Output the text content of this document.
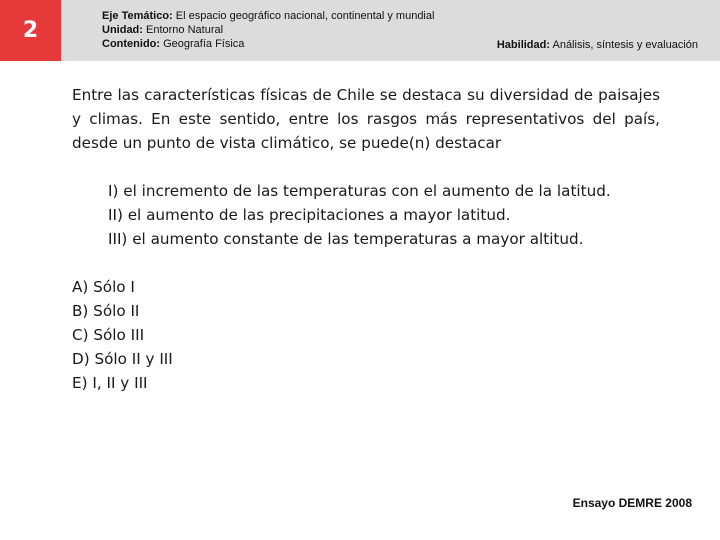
2
Eje Temático: El espacio geográfico nacional, continental y mundial
Unidad: Entorno Natural
Contenido: Geografía Física	Habilidad: Análisis, síntesis y evaluación

Entre las características físicas de Chile se destaca su diversidad de paisajes y climas. En este sentido, entre los rasgos más representativos del país, desde un punto de vista climático, se puede(n) destacar

I) el incremento de las temperaturas con el aumento de la latitud.
II) el aumento de las precipitaciones a mayor latitud.
III) el aumento constante de las temperaturas a mayor altitud.
A) Sólo I
B) Sólo II
C) Sólo III
D) Sólo II y III
E) I, II y III
Ensayo DEMRE 2008
